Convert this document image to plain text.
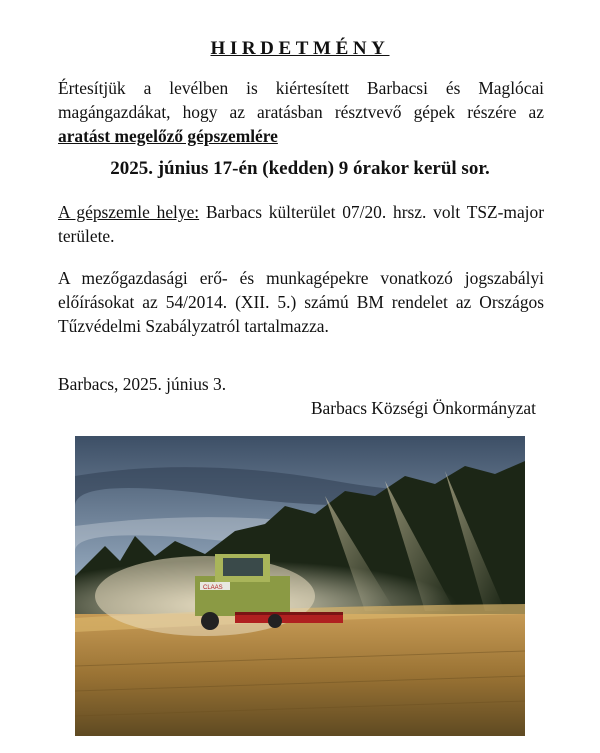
HIRDETMÉNY
Értesítjük a levélben is kiértesített Barbacsi és Maglócai magángazdákat, hogy az aratásban résztvevő gépek részére az aratást megelőző gépszemlére
2025. június 17-én (kedden) 9 órakor kerül sor.
A gépszemle helye: Barbacs külterület 07/20. hrsz. volt TSZ-major területe.
A mezőgazdasági erő- és munkagépekre vonatkozó jogszabályi előírásokat az 54/2014. (XII. 5.) számú BM rendelet az Országos Tűzvédelmi Szabályzatról tartalmazza.
Barbacs, 2025. június 3.
Barbacs Községi Önkormányzat
CLAAS
